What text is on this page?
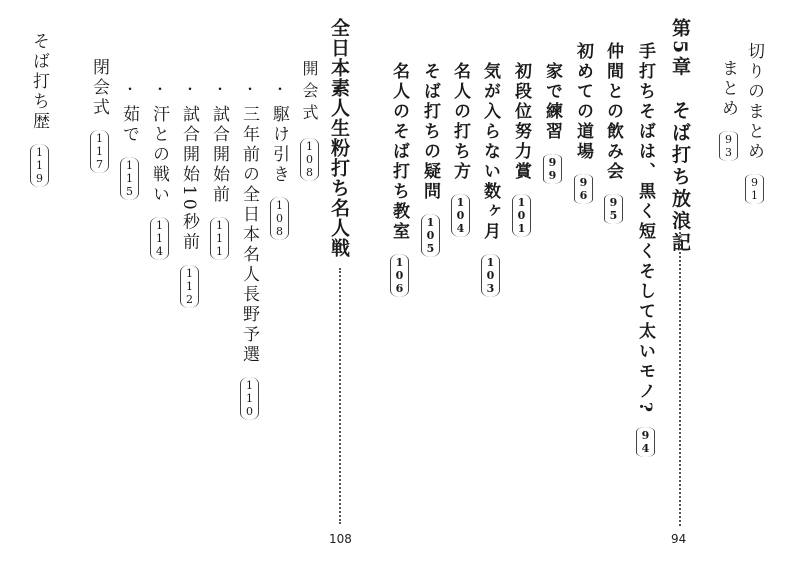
切りのまとめ91
まとめ93
第5章　そば打ち放浪記
94
手打ちそばは、黒く短くそして太いモノ?94
仲間との飲み会95
初めての道場96
家で練習99
初段位努力賞101
気が入らない数ヶ月103
名人の打ち方104
そば打ちの疑問105
名人のそば打ち教室106
全日本素人生粉打ち名人戦
108
開会式108
・駆け引き108
・三年前の全日本名人長野予選110
・試合開始前111
・試合開始10秒前112
・汗との戦い114
・茹で115
閉会式117
そば打ち歴119
